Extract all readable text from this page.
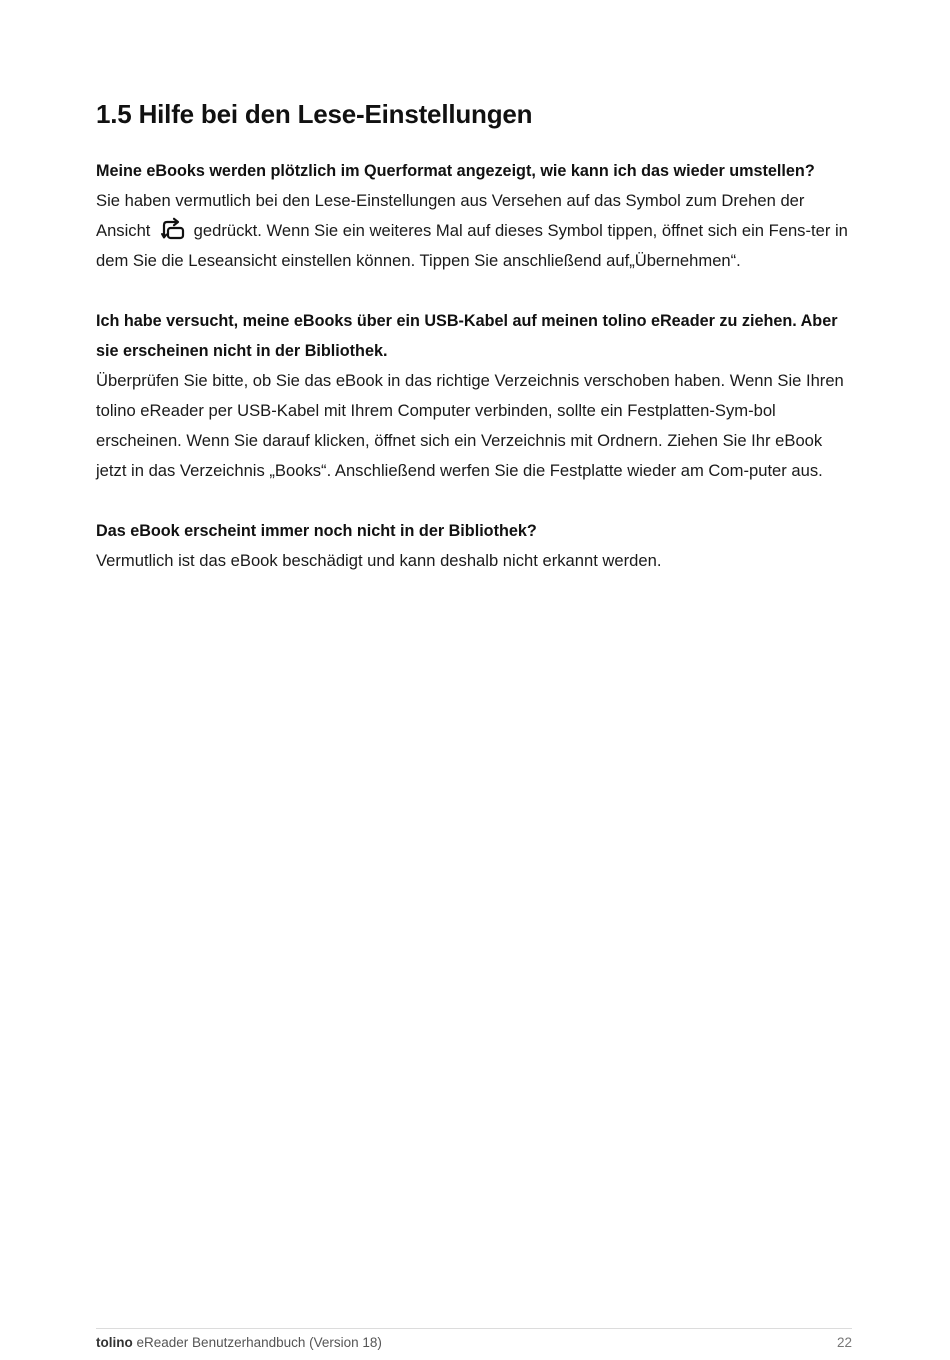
1.5 Hilfe bei den Lese-Einstellungen

Meine eBooks werden plötzlich im Querformat angezeigt, wie kann ich das wieder umstellen?

Sie haben vermutlich bei den Lese-Einstellungen aus Versehen auf das Symbol zum Drehen der Ansicht  gedrückt. Wenn Sie ein weiteres Mal auf dieses Symbol tippen, öffnet sich ein Fens-ter in dem Sie die Leseansicht einstellen können. Tippen Sie anschließend auf„Übernehmen“.

Ich habe versucht, meine eBooks über ein USB-Kabel auf meinen tolino eReader zu ziehen. Aber sie erscheinen nicht in der Bibliothek.

Überprüfen Sie bitte, ob Sie das eBook in das richtige Verzeichnis verschoben haben. Wenn Sie Ihren tolino eReader per USB-Kabel mit Ihrem Computer verbinden, sollte ein Festplatten-Sym-bol erscheinen. Wenn Sie darauf klicken, öffnet sich ein Verzeichnis mit Ordnern. Ziehen Sie Ihr eBook jetzt in das Verzeichnis „Books“. Anschließend werfen Sie die Festplatte wieder am Com-puter aus.

Das eBook erscheint immer noch nicht in der Bibliothek?

Vermutlich ist das eBook beschädigt und kann deshalb nicht erkannt werden.

tolino eReader Benutzerhandbuch (Version 18)	22
